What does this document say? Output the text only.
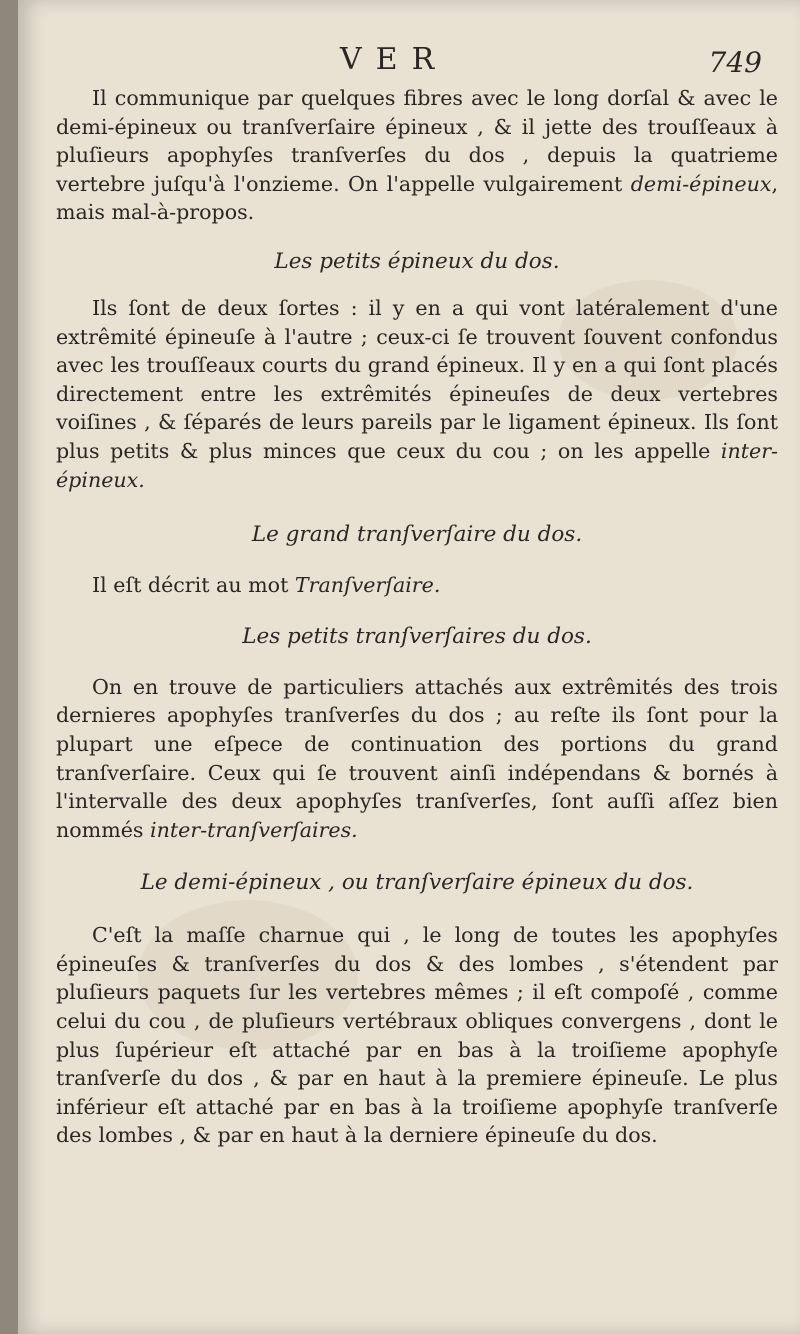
VER	749

Il communique par quelques fibres avec le long dorſal & avec le demi-épineux ou tranſverſaire épineux , & il jette des trouſſeaux à pluſieurs apophyſes tranſverſes du dos , depuis la quatrieme vertebre juſqu'à l'onzieme. On l'appelle vulgairement demi-épineux, mais mal-à-propos.

Les petits épineux du dos.

Ils ſont de deux ſortes : il y en a qui vont latéralement d'une extrêmité épineuſe à l'autre ; ceux-ci ſe trouvent ſouvent confondus avec les trouſſeaux courts du grand épineux. Il y en a qui ſont placés directement entre les extrêmités épineuſes de deux vertebres voiſines , & ſéparés de leurs pareils par le ligament épineux. Ils ſont plus petits & plus minces que ceux du cou ; on les appelle inter-épineux.

Le grand tranſverſaire du dos.

Il eſt décrit au mot Tranſverſaire.

Les petits tranſverſaires du dos.

On en trouve de particuliers attachés aux extrêmités des trois dernieres apophyſes tranſverſes du dos ; au reſte ils ſont pour la plupart une eſpece de continuation des portions du grand tranſverſaire. Ceux qui ſe trouvent ainſi indépendans & bornés à l'intervalle des deux apophyſes tranſverſes, ſont auſſi aſſez bien nommés inter-tranſverſaires.

Le demi-épineux , ou tranſverſaire épineux du dos.

C'eſt la maſſe charnue qui , le long de toutes les apophyſes épineuſes & tranſverſes du dos & des lombes , s'étendent par pluſieurs paquets ſur les vertebres mêmes ; il eſt compoſé , comme celui du cou , de pluſieurs vertébraux obliques convergens , dont le plus ſupérieur eſt attaché par en bas à la troiſieme apophyſe tranſverſe du dos , & par en haut à la premiere épineuſe. Le plus inférieur eſt attaché par en bas à la troiſieme apophyſe tranſverſe des lombes , & par en haut à la derniere épineuſe du dos.
